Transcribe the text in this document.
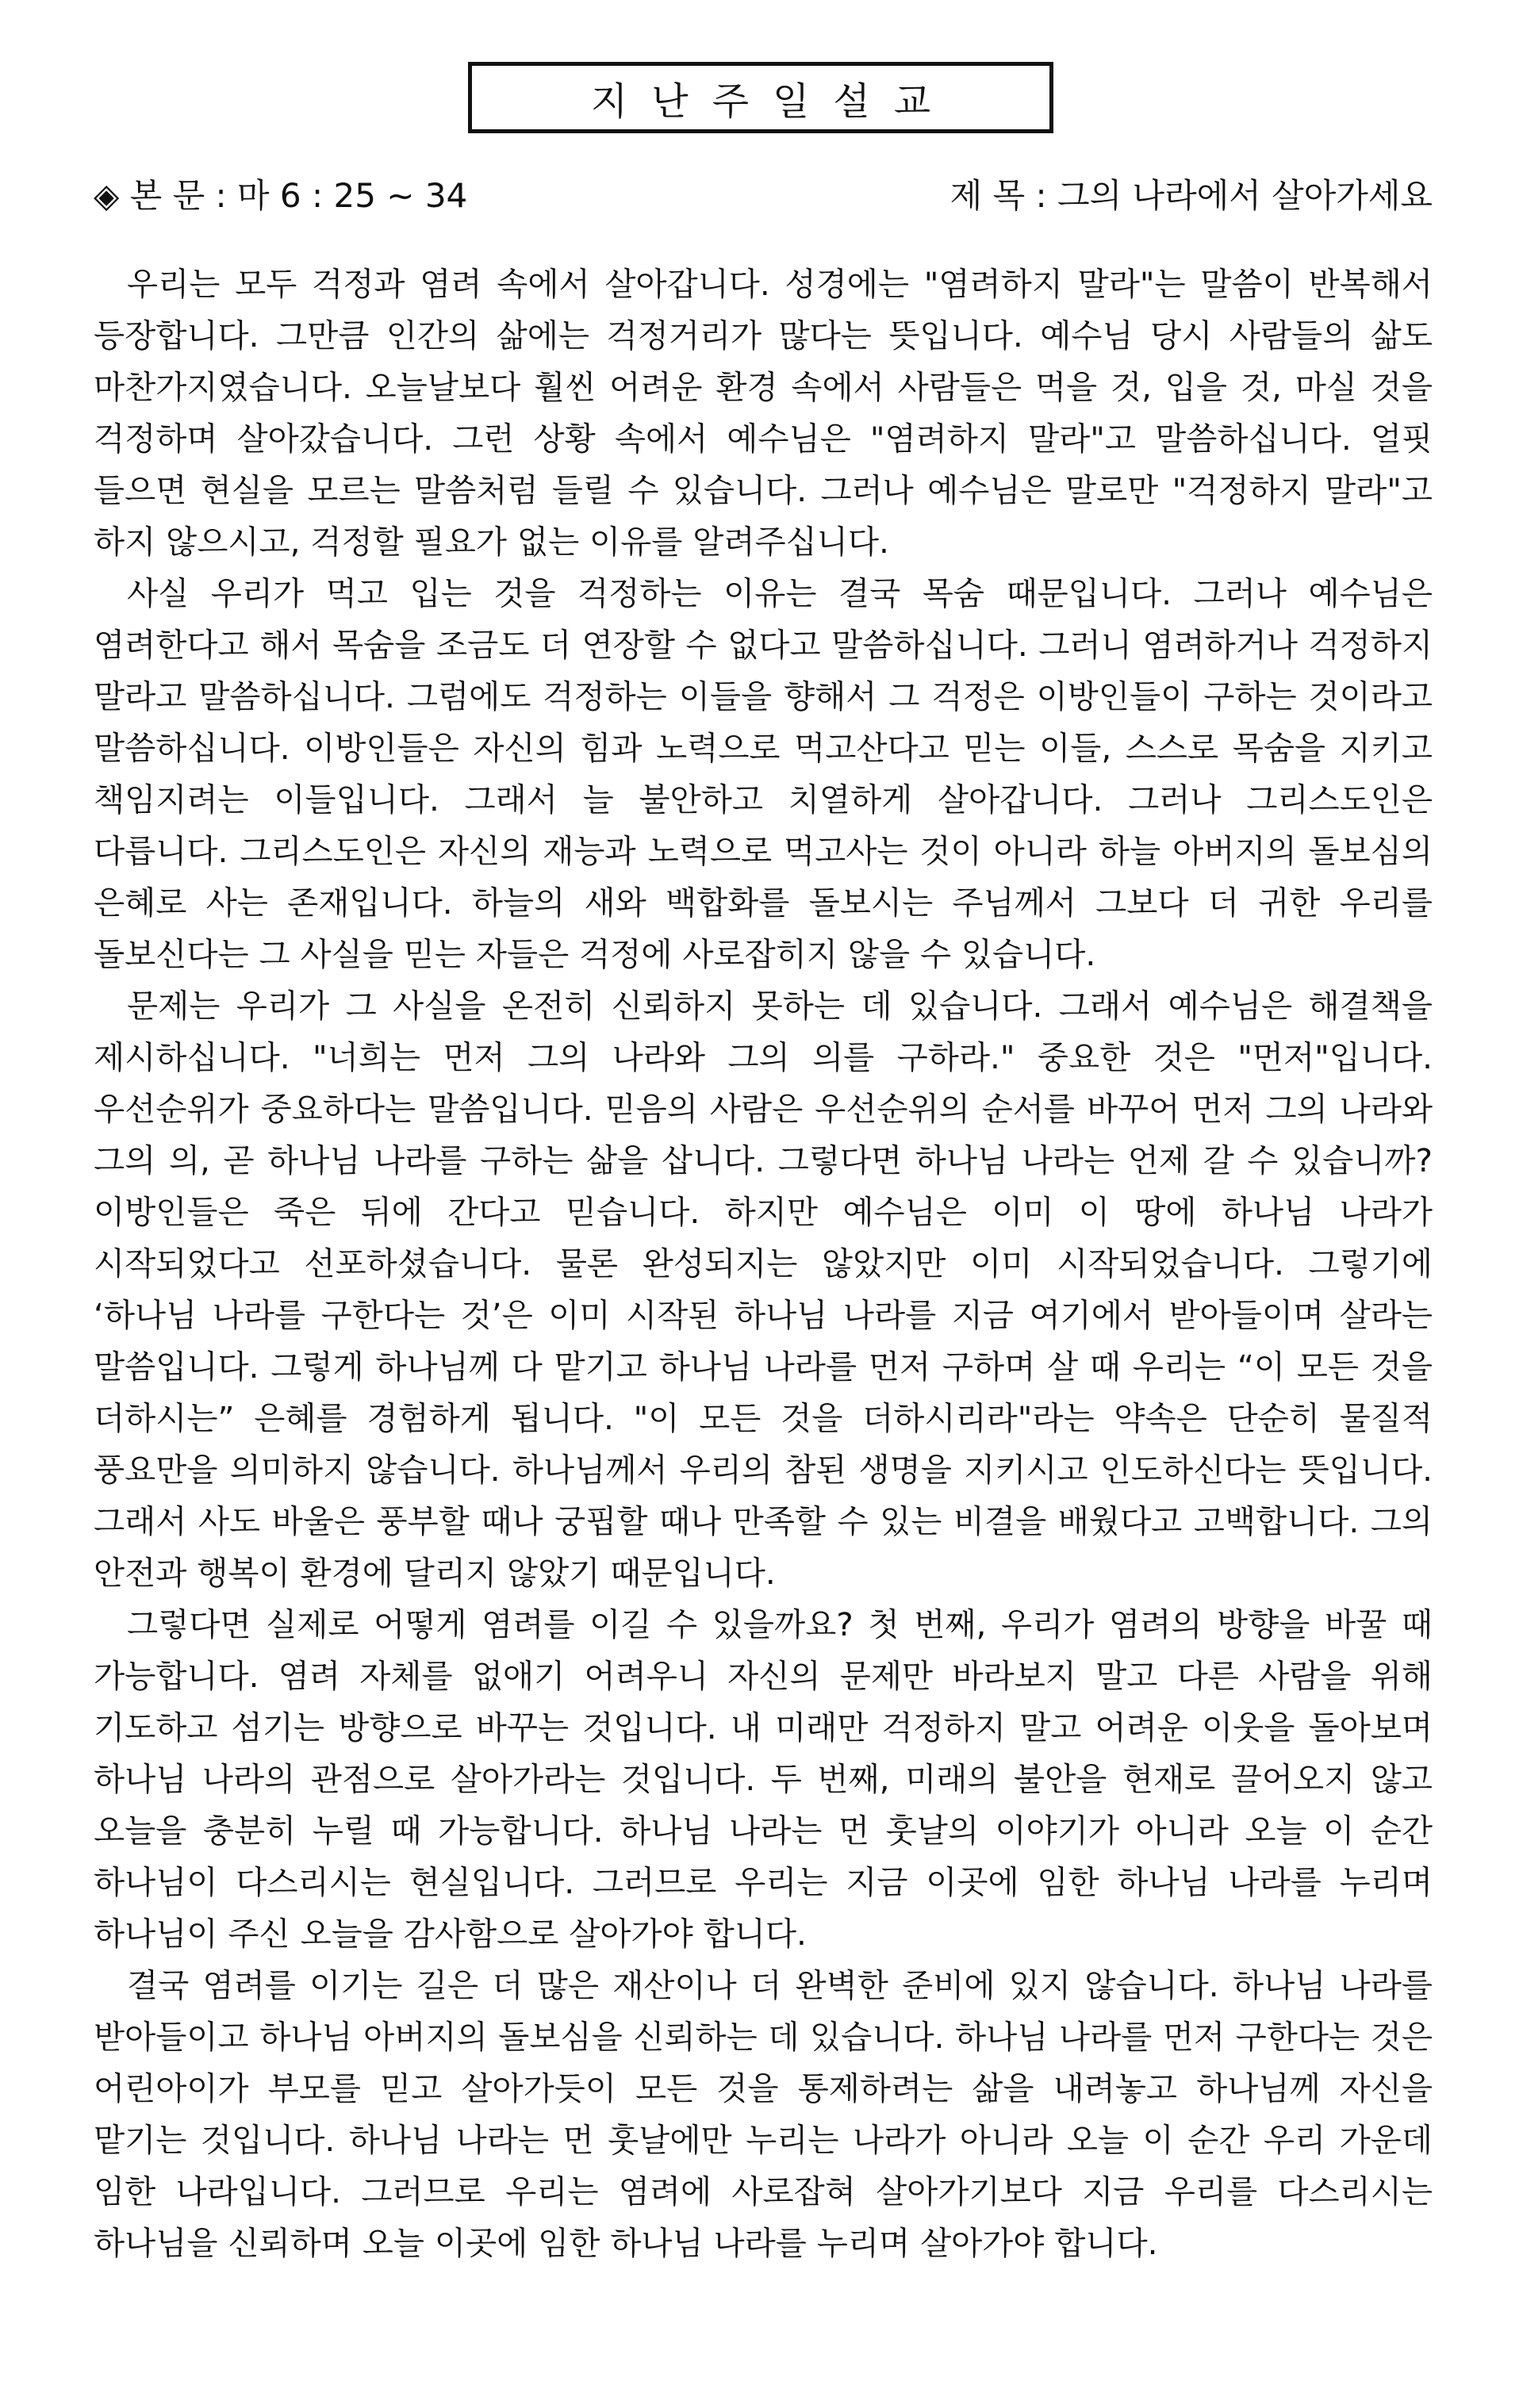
지난주일설교
◈ 본 문 : 마 6 : 25 ~ 34	제 목 : 그의 나라에서 살아가세요

우리는 모두 걱정과 염려 속에서 살아갑니다. 성경에는 "염려하지 말라"는 말씀이 반복해서 등장합니다. 그만큼 인간의 삶에는 걱정거리가 많다는 뜻입니다. 예수님 당시 사람들의 삶도 마찬가지였습니다. 오늘날보다 훨씬 어려운 환경 속에서 사람들은 먹을 것, 입을 것, 마실 것을 걱정하며 살아갔습니다. 그런 상황 속에서 예수님은 "염려하지 말라"고 말씀하십니다. 얼핏 들으면 현실을 모르는 말씀처럼 들릴 수 있습니다. 그러나 예수님은 말로만 "걱정하지 말라"고 하지 않으시고, 걱정할 필요가 없는 이유를 알려주십니다.

사실 우리가 먹고 입는 것을 걱정하는 이유는 결국 목숨 때문입니다. 그러나 예수님은 염려한다고 해서 목숨을 조금도 더 연장할 수 없다고 말씀하십니다. 그러니 염려하거나 걱정하지 말라고 말씀하십니다. 그럼에도 걱정하는 이들을 향해서 그 걱정은 이방인들이 구하는 것이라고 말씀하십니다. 이방인들은 자신의 힘과 노력으로 먹고산다고 믿는 이들, 스스로 목숨을 지키고 책임지려는 이들입니다. 그래서 늘 불안하고 치열하게 살아갑니다. 그러나 그리스도인은 다릅니다. 그리스도인은 자신의 재능과 노력으로 먹고사는 것이 아니라 하늘 아버지의 돌보심의 은혜로 사는 존재입니다. 하늘의 새와 백합화를 돌보시는 주님께서 그보다 더 귀한 우리를 돌보신다는 그 사실을 믿는 자들은 걱정에 사로잡히지 않을 수 있습니다.

문제는 우리가 그 사실을 온전히 신뢰하지 못하는 데 있습니다. 그래서 예수님은 해결책을 제시하십니다. "너희는 먼저 그의 나라와 그의 의를 구하라." 중요한 것은 "먼저"입니다. 우선순위가 중요하다는 말씀입니다. 믿음의 사람은 우선순위의 순서를 바꾸어 먼저 그의 나라와 그의 의, 곧 하나님 나라를 구하는 삶을 삽니다. 그렇다면 하나님 나라는 언제 갈 수 있습니까? 이방인들은 죽은 뒤에 간다고 믿습니다. 하지만 예수님은 이미 이 땅에 하나님 나라가 시작되었다고 선포하셨습니다. 물론 완성되지는 않았지만 이미 시작되었습니다. 그렇기에 ‘하나님 나라를 구한다는 것’은 이미 시작된 하나님 나라를 지금 여기에서 받아들이며 살라는 말씀입니다. 그렇게 하나님께 다 맡기고 하나님 나라를 먼저 구하며 살 때 우리는 “이 모든 것을 더하시는” 은혜를 경험하게 됩니다. "이 모든 것을 더하시리라"라는 약속은 단순히 물질적 풍요만을 의미하지 않습니다. 하나님께서 우리의 참된 생명을 지키시고 인도하신다는 뜻입니다. 그래서 사도 바울은 풍부할 때나 궁핍할 때나 만족할 수 있는 비결을 배웠다고 고백합니다. 그의 안전과 행복이 환경에 달리지 않았기 때문입니다.

그렇다면 실제로 어떻게 염려를 이길 수 있을까요? 첫 번째, 우리가 염려의 방향을 바꿀 때 가능합니다. 염려 자체를 없애기 어려우니 자신의 문제만 바라보지 말고 다른 사람을 위해 기도하고 섬기는 방향으로 바꾸는 것입니다. 내 미래만 걱정하지 말고 어려운 이웃을 돌아보며 하나님 나라의 관점으로 살아가라는 것입니다. 두 번째, 미래의 불안을 현재로 끌어오지 않고 오늘을 충분히 누릴 때 가능합니다. 하나님 나라는 먼 훗날의 이야기가 아니라 오늘 이 순간 하나님이 다스리시는 현실입니다. 그러므로 우리는 지금 이곳에 임한 하나님 나라를 누리며 하나님이 주신 오늘을 감사함으로 살아가야 합니다.

결국 염려를 이기는 길은 더 많은 재산이나 더 완벽한 준비에 있지 않습니다. 하나님 나라를 받아들이고 하나님 아버지의 돌보심을 신뢰하는 데 있습니다. 하나님 나라를 먼저 구한다는 것은 어린아이가 부모를 믿고 살아가듯이 모든 것을 통제하려는 삶을 내려놓고 하나님께 자신을 맡기는 것입니다. 하나님 나라는 먼 훗날에만 누리는 나라가 아니라 오늘 이 순간 우리 가운데 임한 나라입니다. 그러므로 우리는 염려에 사로잡혀 살아가기보다 지금 우리를 다스리시는 하나님을 신뢰하며 오늘 이곳에 임한 하나님 나라를 누리며 살아가야 합니다.
